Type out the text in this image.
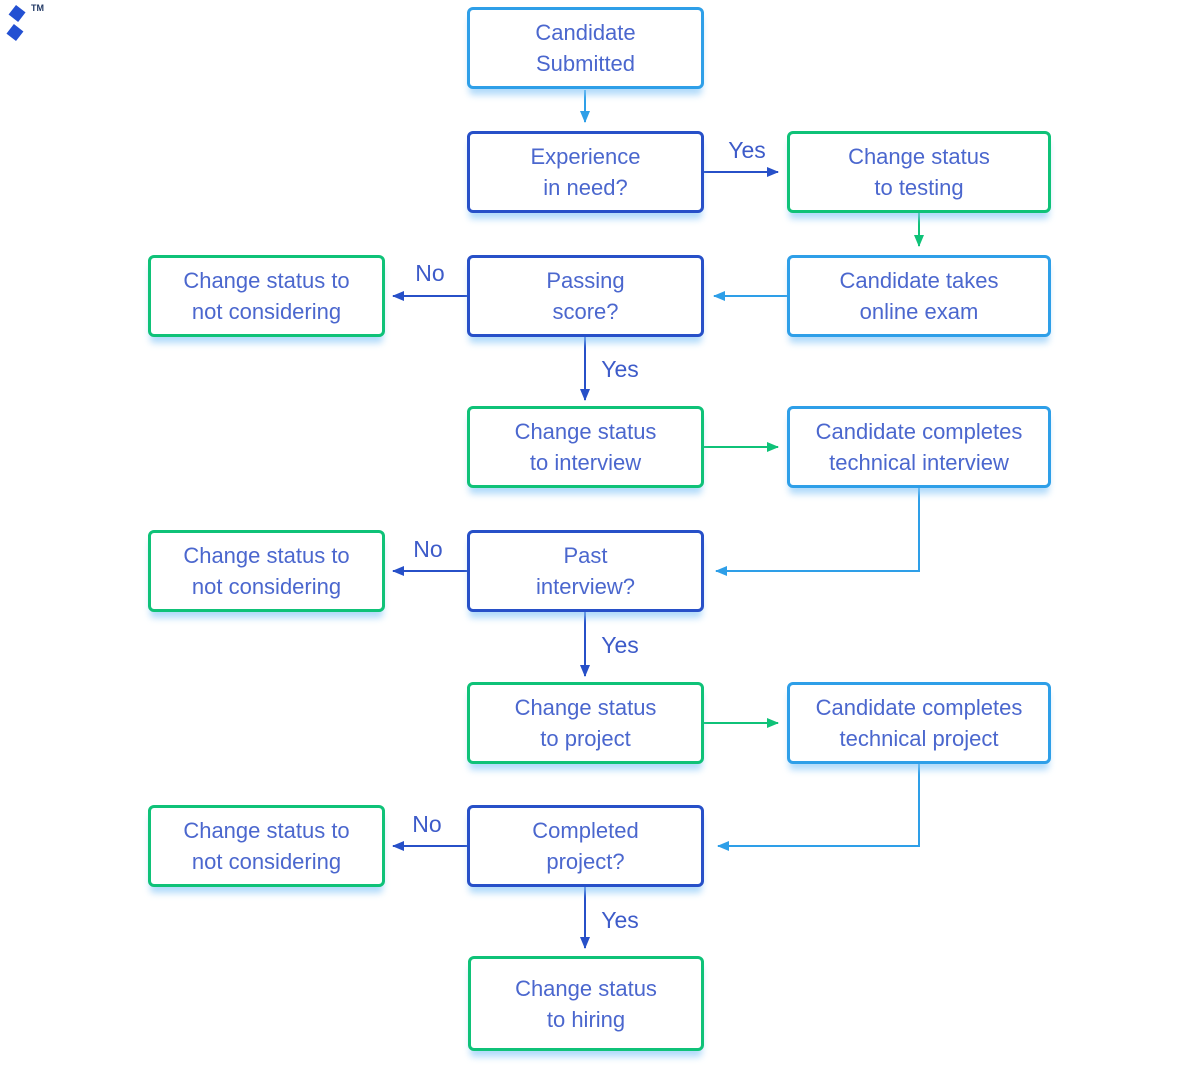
TM
Candidate
Submitted
Experience
in need?
Change status
to testing
Change status to
not considering
Passing
score?
Candidate takes
online exam
Change status
to interview
Candidate completes
technical interview
Change status to
not considering
Past
interview?
Change status
to project
Candidate completes
technical project
Change status to
not considering
Completed
project?
Change status
to hiring
Yes
No
Yes
No
Yes
No
Yes
